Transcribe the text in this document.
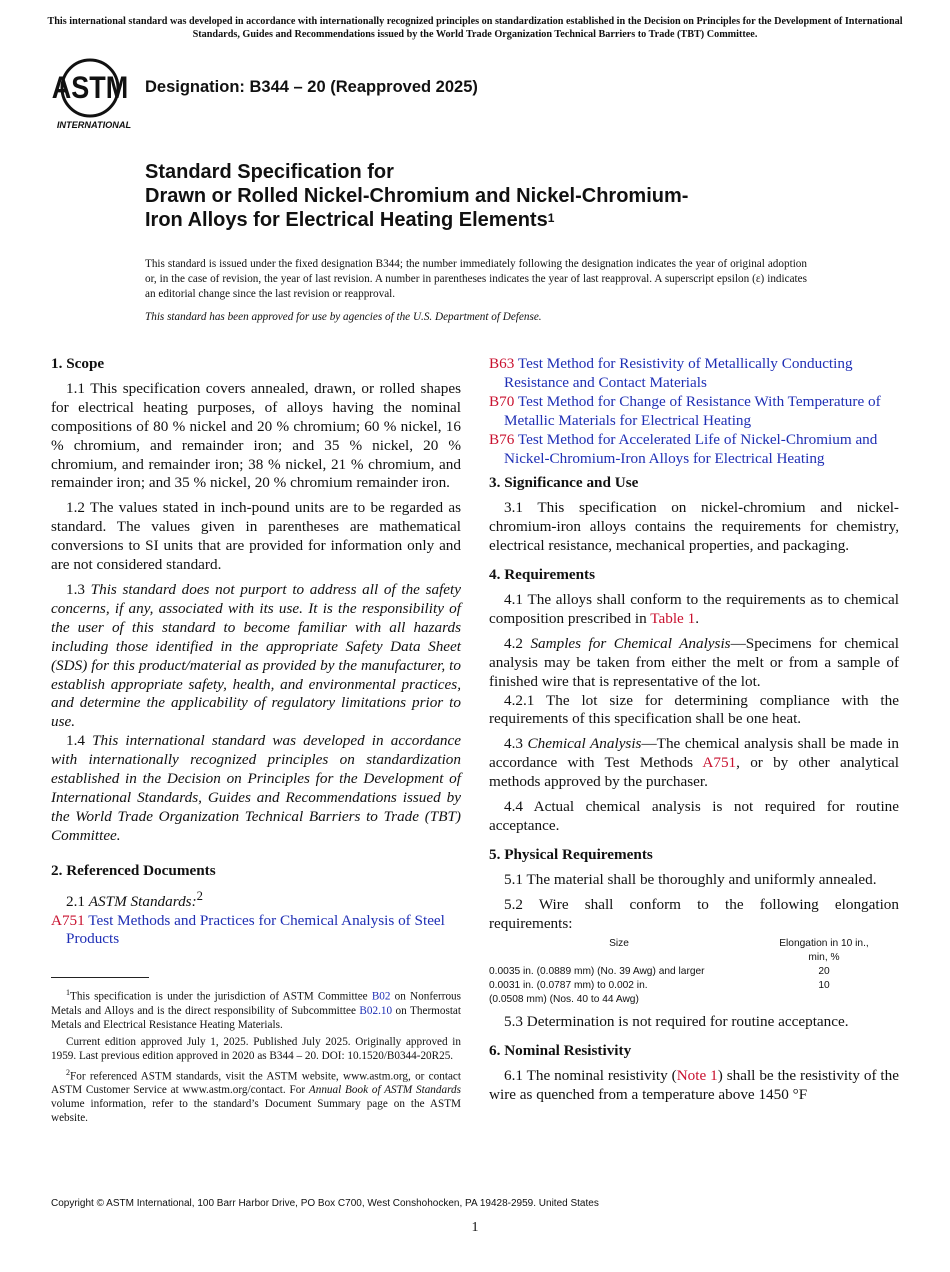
This international standard was developed in accordance with internationally recognized principles on standardization established in the Decision on Principles for the Development of International Standards, Guides and Recommendations issued by the World Trade Organization Technical Barriers to Trade (TBT) Committee.
ASTM
INTERNATIONAL
Designation: B344 – 20 (Reapproved 2025)
Standard Specification for
Drawn or Rolled Nickel-Chromium and Nickel-Chromium-
Iron Alloys for Electrical Heating Elements$^1$
This standard is issued under the fixed designation B344; the number immediately following the designation indicates the year of original adoption or, in the case of revision, the year of last revision. A number in parentheses indicates the year of last reapproval. A superscript epsilon (ε) indicates an editorial change since the last revision or reapproval.
This standard has been approved for use by agencies of the U.S. Department of Defense.
1. Scope

1.1 This specification covers annealed, drawn, or rolled shapes for electrical heating purposes, of alloys having the nominal compositions of 80 % nickel and 20 % chromium; 60 % nickel, 16 % chromium, and remainder iron; and 35 % nickel, 20 % chromium, and remainder iron; 38 % nickel, 21 % chromium, and remainder iron; and 35 % nickel, 20 % chromium remainder iron.

1.2 The values stated in inch-pound units are to be regarded as standard. The values given in parentheses are mathematical conversions to SI units that are provided for information only and are not considered standard.

1.3 This standard does not purport to address all of the safety concerns, if any, associated with its use. It is the responsibility of the user of this standard to become familiar with all hazards including those identified in the appropriate Safety Data Sheet (SDS) for this product/material as provided by the manufacturer, to establish appropriate safety, health, and environmental practices, and determine the applicability of regulatory limitations prior to use.

1.4 This international standard was developed in accordance with internationally recognized principles on standardization established in the Decision on Principles for the Development of International Standards, Guides and Recommendations issued by the World Trade Organization Technical Barriers to Trade (TBT) Committee.

2. Referenced Documents

2.1 ASTM Standards:$^2$

A751 Test Methods and Practices for Chemical Analysis of Steel Products
B63 Test Method for Resistivity of Metallically Conducting Resistance and Contact Materials
B70 Test Method for Change of Resistance With Temperature of Metallic Materials for Electrical Heating
B76 Test Method for Accelerated Life of Nickel-Chromium and Nickel-Chromium-Iron Alloys for Electrical Heating
3. Significance and Use

3.1 This specification on nickel-chromium and nickel-chromium-iron alloys contains the requirements for chemistry, electrical resistance, mechanical properties, and packaging.

4. Requirements

4.1 The alloys shall conform to the requirements as to chemical composition prescribed in Table 1.

4.2 Samples for Chemical Analysis—Specimens for chemical analysis may be taken from either the melt or from a sample of finished wire that is representative of the lot.

4.2.1 The lot size for determining compliance with the requirements of this specification shall be one heat.

4.3 Chemical Analysis—The chemical analysis shall be made in accordance with Test Methods A751, or by other analytical methods approved by the purchaser.

4.4 Actual chemical analysis is not required for routine acceptance.

5. Physical Requirements

5.1 The material shall be thoroughly and uniformly annealed.

5.2 Wire shall conform to the following elongation requirements:

Size	Elongation in 10 in.,
min, %

0.0035 in. (0.0889 mm) (No. 39 Awg) and larger	20

0.0031 in. (0.0787 mm) to 0.002 in.
(0.0508 mm) (Nos. 40 to 44 Awg)	10

5.3 Determination is not required for routine acceptance.

6. Nominal Resistivity

6.1 The nominal resistivity (Note 1) shall be the resistivity of the wire as quenched from a temperature above 1450 °F

$^1$This specification is under the jurisdiction of ASTM Committee B02 on Nonferrous Metals and Alloys and is the direct responsibility of Subcommittee B02.10 on Thermostat Metals and Electrical Resistance Heating Materials.

Current edition approved July 1, 2025. Published July 2025. Originally approved in 1959. Last previous edition approved in 2020 as B344 – 20. DOI: 10.1520/B0344-20R25.

$^2$For referenced ASTM standards, visit the ASTM website, www.astm.org, or contact ASTM Customer Service at www.astm.org/contact. For Annual Book of ASTM Standards volume information, refer to the standard’s Document Summary page on the ASTM website.

Copyright © ASTM International, 100 Barr Harbor Drive, PO Box C700, West Conshohocken, PA 19428-2959. United States
1
